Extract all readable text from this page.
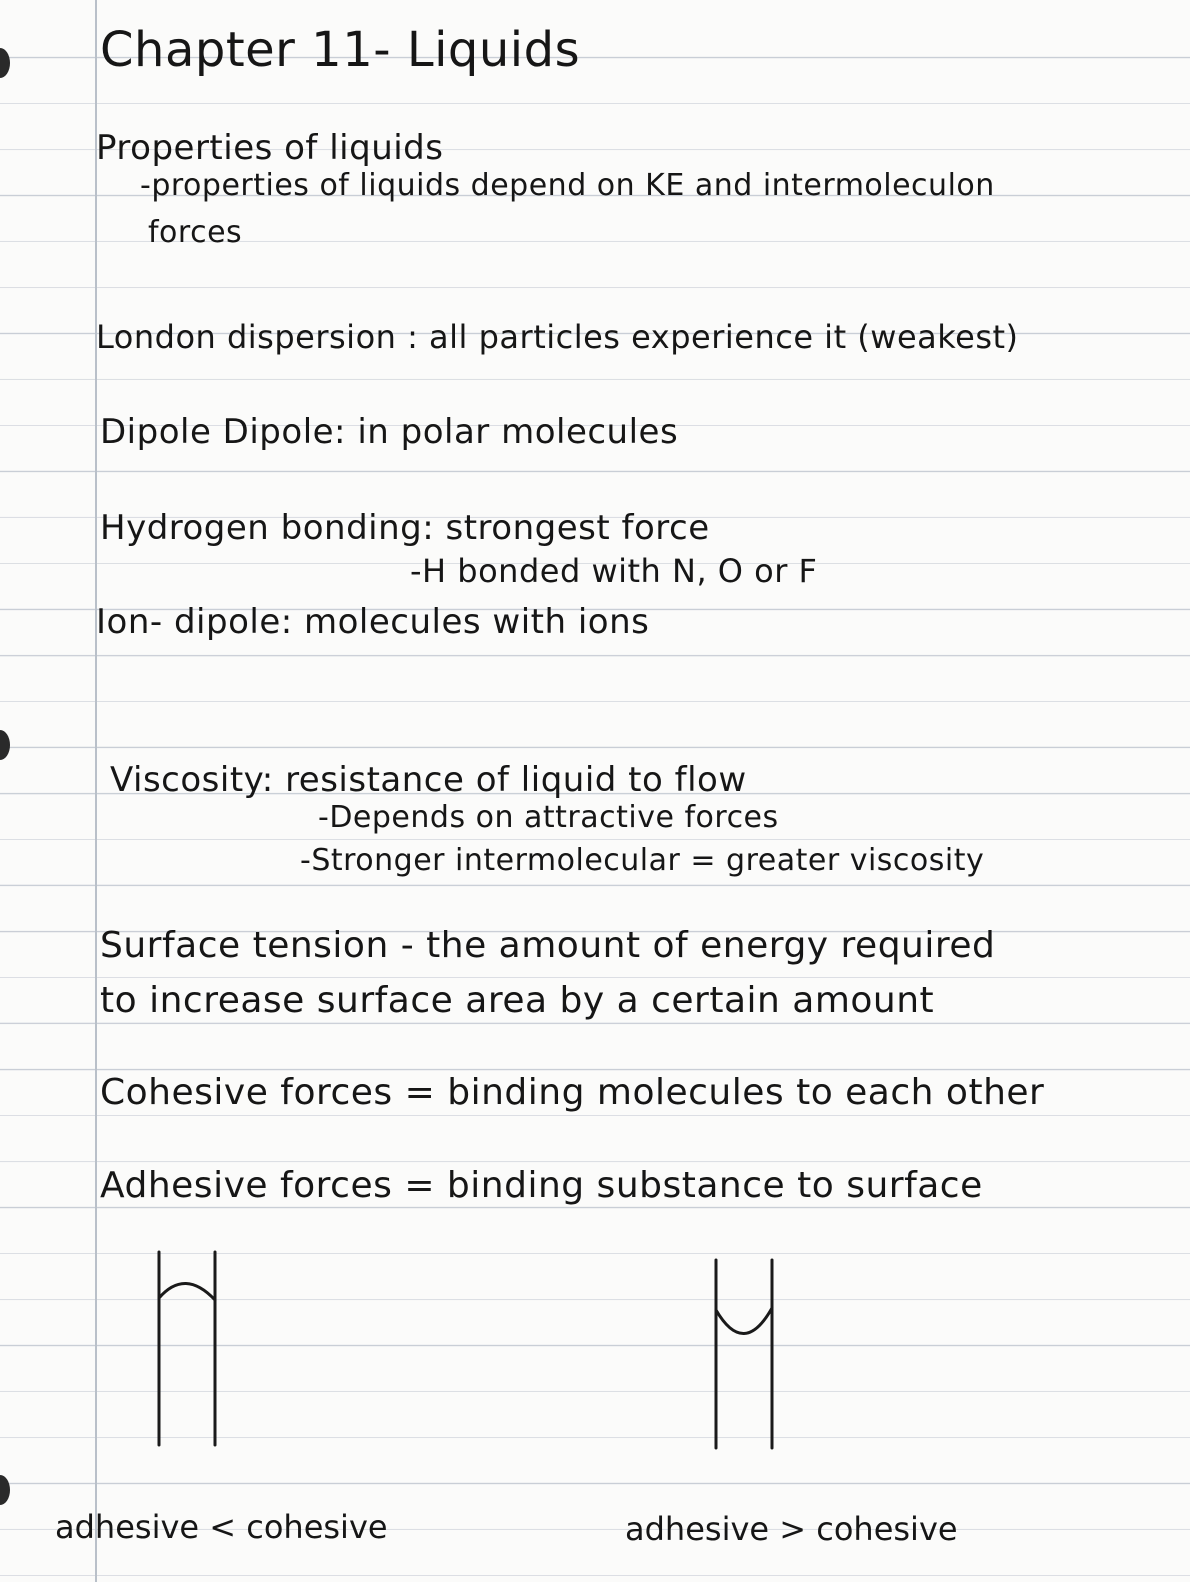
Chapter 11- Liquids
Properties of liquids
-properties of liquids depend on KE and intermoleculon
forces
London dispersion : all particles experience it (weakest)
Dipole Dipole: in polar molecules
Hydrogen bonding: strongest force
-H bonded with N, O or F
Ion- dipole: molecules with ions
Viscosity: resistance of liquid to flow
-Depends on attractive forces
-Stronger intermolecular = greater viscosity
Surface tension - the amount of energy required
to increase surface area by a certain amount
Cohesive forces = binding molecules to each other
Adhesive forces = binding substance to surface
adhesive < cohesive	adhesive > cohesive
